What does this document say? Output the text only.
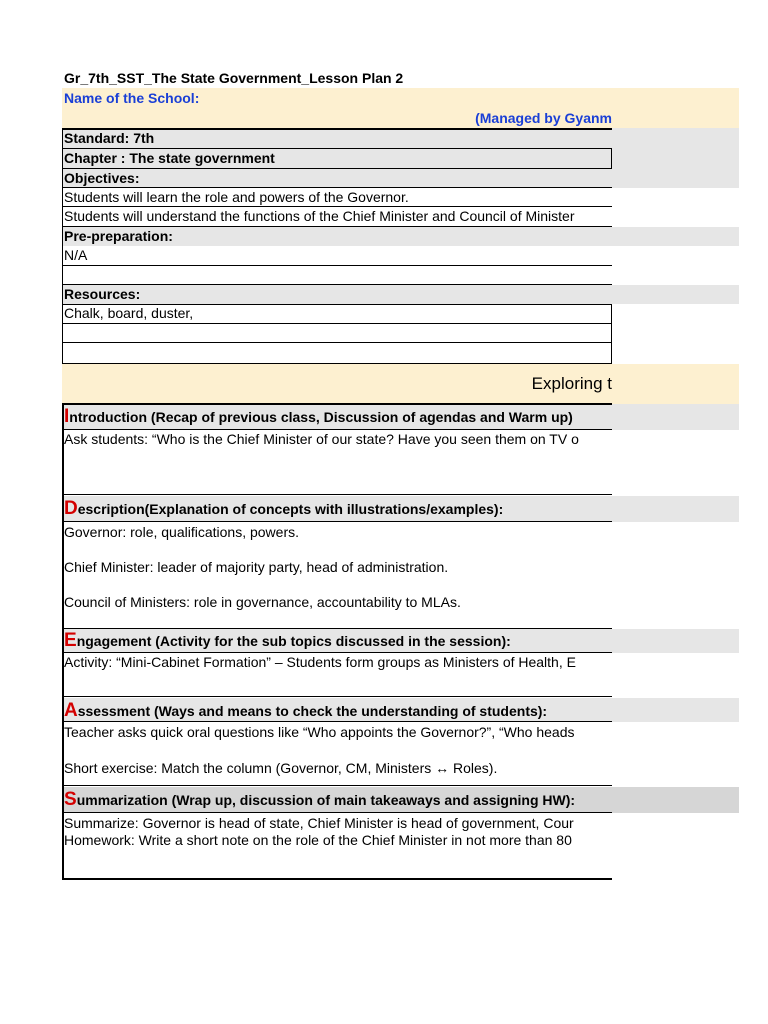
Gr_7th_SST_The State Government_Lesson Plan 2
Name of the School:
(Managed by Gyanm
Standard: 7th
Chapter : The state government
Objectives:
Students will learn the role and powers of the Governor.
Students will understand the functions of the Chief Minister and Council of Minister
Pre-preparation:
N/A
Resources:
Chalk, board, duster,
Exploring t
Introduction (Recap of previous class, Discussion of agendas and Warm up)
Ask students: “Who is the Chief Minister of our state? Have you seen them on TV o
Description(Explanation of concepts with illustrations/examples):
Governor: role, qualifications, powers.
Chief Minister: leader of majority party, head of administration.
Council of Ministers: role in governance, accountability to MLAs.
Engagement (Activity for the sub topics discussed in the session):
Activity: “Mini-Cabinet Formation” – Students form groups as Ministers of Health, E
Assessment (Ways and means to check the understanding of students):
Teacher asks quick oral questions like “Who appoints the Governor?”, “Who heads
Short exercise: Match the column (Governor, CM, Ministers ↔ Roles).
Summarization (Wrap up, discussion of main takeaways and assigning HW):
Summarize: Governor is head of state, Chief Minister is head of government, Cour
Homework: Write a short note on the role of the Chief Minister in not more than 80
